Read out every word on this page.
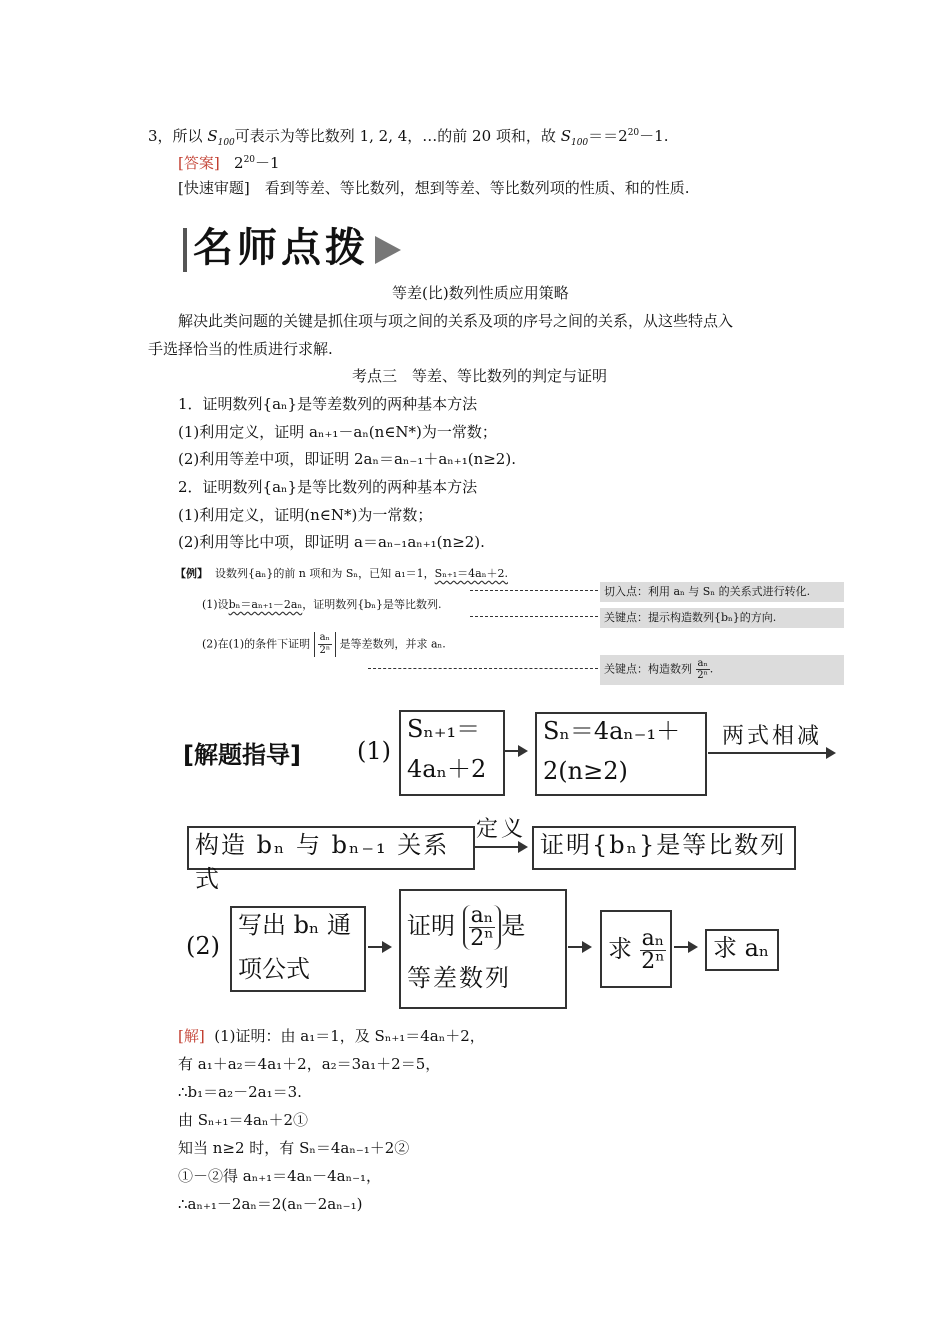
3，所以 $S_{100}$可表示为等比数列 1, 2, 4，…的前 20 项和，故 $S_{100}==2^{20}-1$.
[答案] $2^{20}-1$
[快速审题]　看到等差、等比数列，想到等差、等比数列项的性质、和的性质.
名师点拨
等差(比)数列性质应用策略
解决此类问题的关键是抓住项与项之间的关系及项的序号之间的关系，从这些特点入
手选择恰当的性质进行求解.
考点三　等差、等比数列的判定与证明
1．证明数列{aₙ}是等差数列的两种基本方法
(1)利用定义，证明 aₙ₊₁－aₙ(n∈N*)为一常数；
(2)利用等差中项，即证明 2aₙ＝aₙ₋₁＋aₙ₊₁(n≥2).
2．证明数列{aₙ}是等比数列的两种基本方法
(1)利用定义，证明(n∈N*)为一常数；
(2)利用等比中项，即证明 a＝aₙ₋₁aₙ₊₁(n≥2).
【例】 设数列{aₙ}的前 n 项和为 Sₙ，已知 a₁＝1，Sₙ₊₁＝4aₙ＋2.
切入点：利用 aₙ 与 Sₙ 的关系式进行转化.
(1)设bₙ＝aₙ₊₁－2aₙ，证明数列{bₙ}是等比数列.
关键点：提示构造数列{bₙ}的方向.
(2)在(1)的条件下证明 $\frac{\text{aₙ}}{\text{2ⁿ}}$ 是等差数列，并求 aₙ.
关键点：构造数列 $\frac{\text{aₙ}}{\text{2ⁿ}}$ .
[解题指导] (1)
Sₙ₊₁＝
4aₙ＋2
Sₙ＝4aₙ₋₁＋
2(n≥2)
两式相减
构造 bₙ 与 bₙ₋₁ 关系式
定义
证明{bₙ}是等比数列
(2)
写出 bₙ 通
项公式
证明 $\frac{\text{aₙ}}{\text{2ⁿ}}$ 是
等差数列
求 $\frac{\text{aₙ}}{\text{2ⁿ}}$	求 aₙ
[解] (1)证明：由 a₁＝1，及 Sₙ₊₁＝4aₙ＋2，
有 a₁＋a₂＝4a₁＋2，a₂＝3a₁＋2＝5，
∴b₁＝a₂－2a₁＝3.
由 Sₙ₊₁＝4aₙ＋2①
知当 n≥2 时，有 Sₙ＝4aₙ₋₁＋2②
①－②得 aₙ₊₁＝4aₙ－4aₙ₋₁，
∴aₙ₊₁－2aₙ＝2(aₙ－2aₙ₋₁)
